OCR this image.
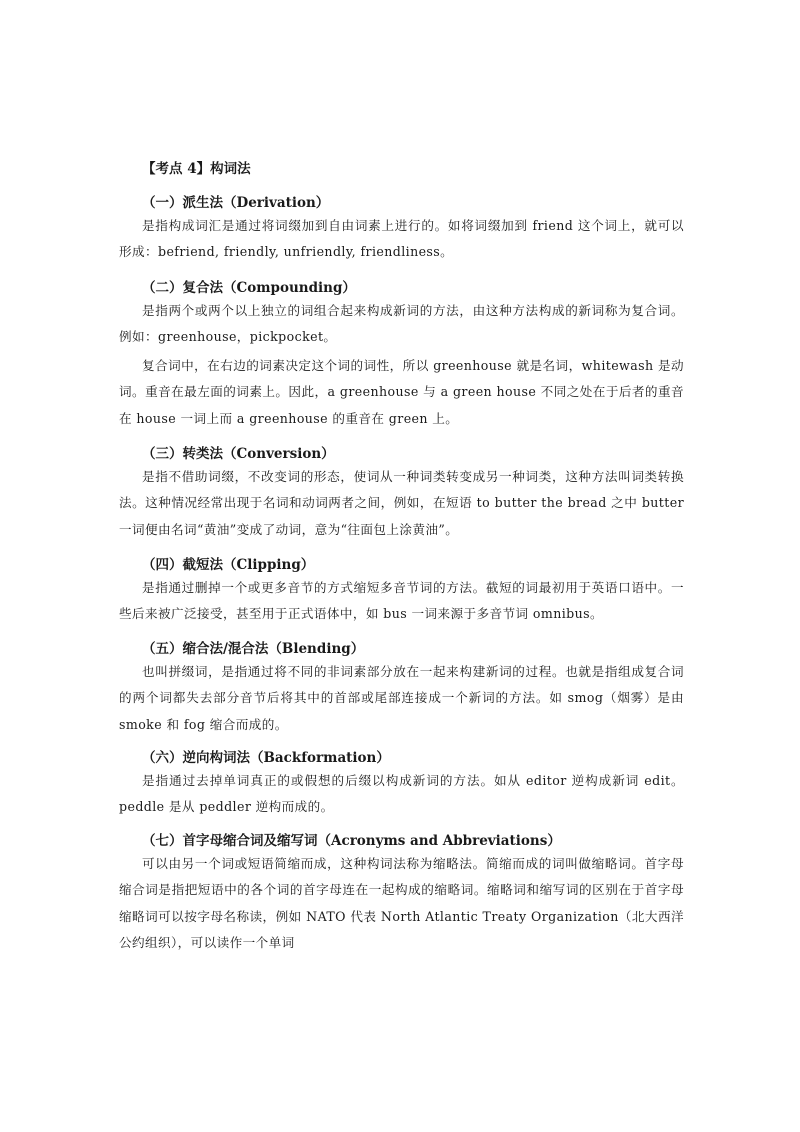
【考点 4】构词法
（一）派生法（Derivation）

是指构成词汇是通过将词缀加到自由词素上进行的。如将词缀加到 friend 这个词上，就可以形成：befriend, friendly, unfriendly, friendliness。

（二）复合法（Compounding）

是指两个或两个以上独立的词组合起来构成新词的方法，由这种方法构成的新词称为复合词。例如：greenhouse，pickpocket。

复合词中，在右边的词素决定这个词的词性，所以 greenhouse 就是名词，whitewash 是动词。重音在最左面的词素上。因此，a greenhouse 与 a green house 不同之处在于后者的重音在 house 一词上而 a greenhouse 的重音在 green 上。

（三）转类法（Conversion）

是指不借助词缀，不改变词的形态，使词从一种词类转变成另一种词类，这种方法叫词类转换法。这种情况经常出现于名词和动词两者之间，例如，在短语 to butter the bread 之中 butter 一词便由名词“黄油”变成了动词，意为“往面包上涂黄油”。

（四）截短法（Clipping）

是指通过删掉一个或更多音节的方式缩短多音节词的方法。截短的词最初用于英语口语中。一些后来被广泛接受，甚至用于正式语体中，如 bus 一词来源于多音节词 omnibus。

（五）缩合法/混合法（Blending）

也叫拼缀词，是指通过将不同的非词素部分放在一起来构建新词的过程。也就是指组成复合词的两个词都失去部分音节后将其中的首部或尾部连接成一个新词的方法。如 smog（烟雾）是由 smoke 和 fog 缩合而成的。

（六）逆向构词法（Backformation）

是指通过去掉单词真正的或假想的后缀以构成新词的方法。如从 editor 逆构成新词 edit。peddle 是从 peddler 逆构而成的。

（七）首字母缩合词及缩写词（Acronyms and Abbreviations）

可以由另一个词或短语简缩而成，这种构词法称为缩略法。简缩而成的词叫做缩略词。首字母缩合词是指把短语中的各个词的首字母连在一起构成的缩略词。缩略词和缩写词的区别在于首字母缩略词可以按字母名称读，例如 NATO 代表 North Atlantic Treaty Organization（北大西洋公约组织），可以读作一个单词
